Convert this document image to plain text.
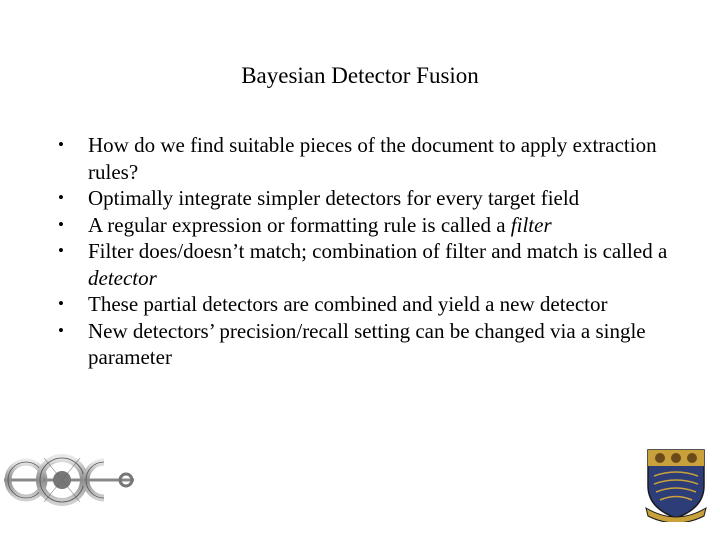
Bayesian Detector Fusion
• How do we find suitable pieces of the document to apply extraction rules?
• Optimally integrate simpler detectors for every target field
• A regular expression or formatting rule is called a filter
• Filter does/doesn’t match; combination of filter and match is called a detector
• These partial detectors are combined and yield a new detector
• New detectors’ precision/recall setting can be changed via a single parameter
